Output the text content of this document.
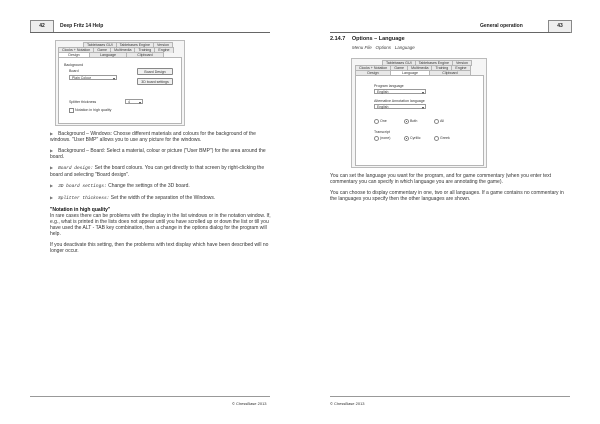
42	Deep Fritz 14 Help
Tablebases GUI	Tablebases Engine	Version
Clocks + Notation	Game	Multimedia	Training	Engine
Design	Language	Clipboard
Background
Board
Plain Colour ▾
Board Design
3D board settings
Splitter thickness	4 ▾
Notation in high quality

▶ Background – Windows: Choose different materials and colours for the background of the windows. "User BMP" allows you to use any picture for the windows.

▶ Background – Board: Select a material, colour or picture ("User BMP") for the area around the board.

▶ Board design: Set the board colours. You can get directly to that screen by right-clicking the board and selecting "Board design".

▶ 3D board settings: Change the settings of the 3D board.

▶ Splitter thickness: Set the width of the separation of the Windows.

"Notation in high quality"

In rare cases there can be problems with the display in the list windows or in the notation window. If, e.g., what is printed in the lists does not appear until you have scrolled up or down the list or till you have used the ALT - TAB key combination, then a change in the options dialog for the program will help.

If you deactivate this setting, then the problems with text display which have been described will no longer occur.

© ChessBase 2013
General operation	43
2.14.7 Options – Language
Menu File   Options   Language
Tablebases GUI	Tablebases Engine	Version
Clocks + Notation	Game	Multimedia	Training	Engine
Design	Language	Clipboard
Program language
English ▾
Alternative Annotation language
English ▾
One	Both	All
Transcript
(none)	Cyrillic	Greek

You can set the language you want for the program, and for game commentary (when you enter text commentary you can specify in which language you are annotating the game).

You can choose to display commentary in one, two or all languages. If a game contains no commentary in the languages you specify then the other languages are shown.

© ChessBase 2013
